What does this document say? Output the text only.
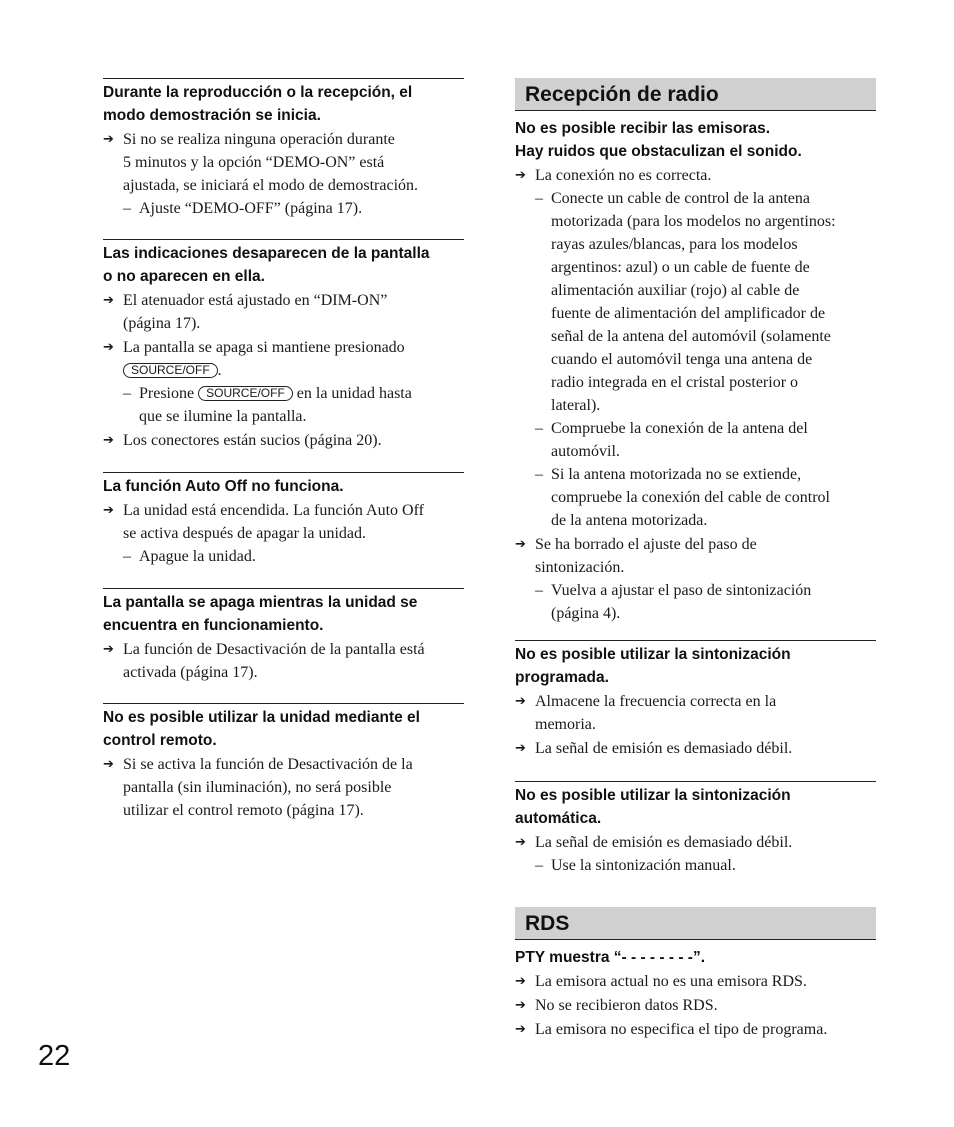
Durante la reproducción o la recepción, el
modo demostración se inicia.
➔ Si no se realiza ninguna operación durante
5 minutos y la opción “DEMO-ON” está
ajustada, se iniciará el modo de demostración.
– Ajuste “DEMO-OFF” (página 17).
Las indicaciones desaparecen de la pantalla
o no aparecen en ella.
➔ El atenuador está ajustado en “DIM-ON”
(página 17).
➔ La pantalla se apaga si mantiene presionado
SOURCE/OFF .
– Presione SOURCE/OFF en la unidad hasta
que se ilumine la pantalla.
➔ Los conectores están sucios (página 20).
La función Auto Off no funciona.
➔ La unidad está encendida. La función Auto Off
se activa después de apagar la unidad.
– Apague la unidad.
La pantalla se apaga mientras la unidad se
encuentra en funcionamiento.
➔ La función de Desactivación de la pantalla está
activada (página 17).
No es posible utilizar la unidad mediante el
control remoto.
➔ Si se activa la función de Desactivación de la
pantalla (sin iluminación), no será posible
utilizar el control remoto (página 17).
Recepción de radio
No es posible recibir las emisoras.
Hay ruidos que obstaculizan el sonido.
➔ La conexión no es correcta.
– Conecte un cable de control de la antena
motorizada (para los modelos no argentinos:
rayas azules/blancas, para los modelos
argentinos: azul) o un cable de fuente de
alimentación auxiliar (rojo) al cable de
fuente de alimentación del amplificador de
señal de la antena del automóvil (solamente
cuando el automóvil tenga una antena de
radio integrada en el cristal posterior o
lateral).
– Compruebe la conexión de la antena del
automóvil.
– Si la antena motorizada no se extiende,
compruebe la conexión del cable de control
de la antena motorizada.
➔ Se ha borrado el ajuste del paso de
sintonización.
– Vuelva a ajustar el paso de sintonización
(página 4).
No es posible utilizar la sintonización
programada.
➔ Almacene la frecuencia correcta en la
memoria.
➔ La señal de emisión es demasiado débil.
No es posible utilizar la sintonización
automática.
➔ La señal de emisión es demasiado débil.
– Use la sintonización manual.
RDS
PTY muestra “- - - - - - - -”.
➔ La emisora actual no es una emisora RDS.
➔ No se recibieron datos RDS.
➔ La emisora no especifica el tipo de programa.
22
